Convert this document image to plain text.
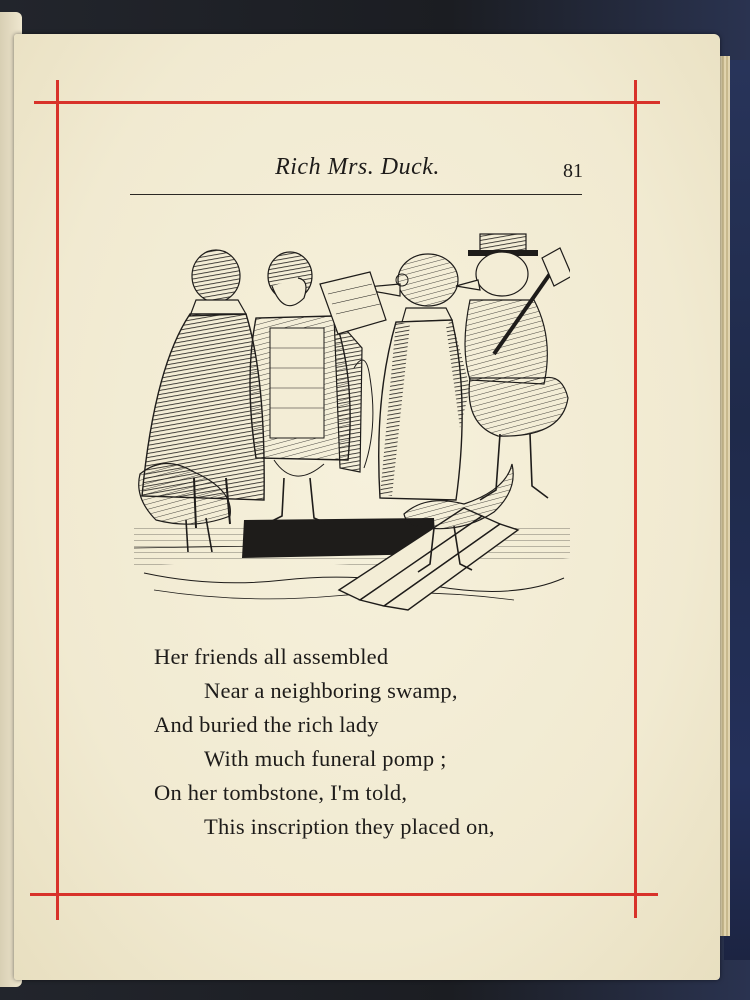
Rich Mrs. Duck.	81
Her friends all assembled
Near a neighboring swamp,
And buried the rich lady
With much funeral pomp ;
On her tombstone, I'm told,
This inscription they placed on,
